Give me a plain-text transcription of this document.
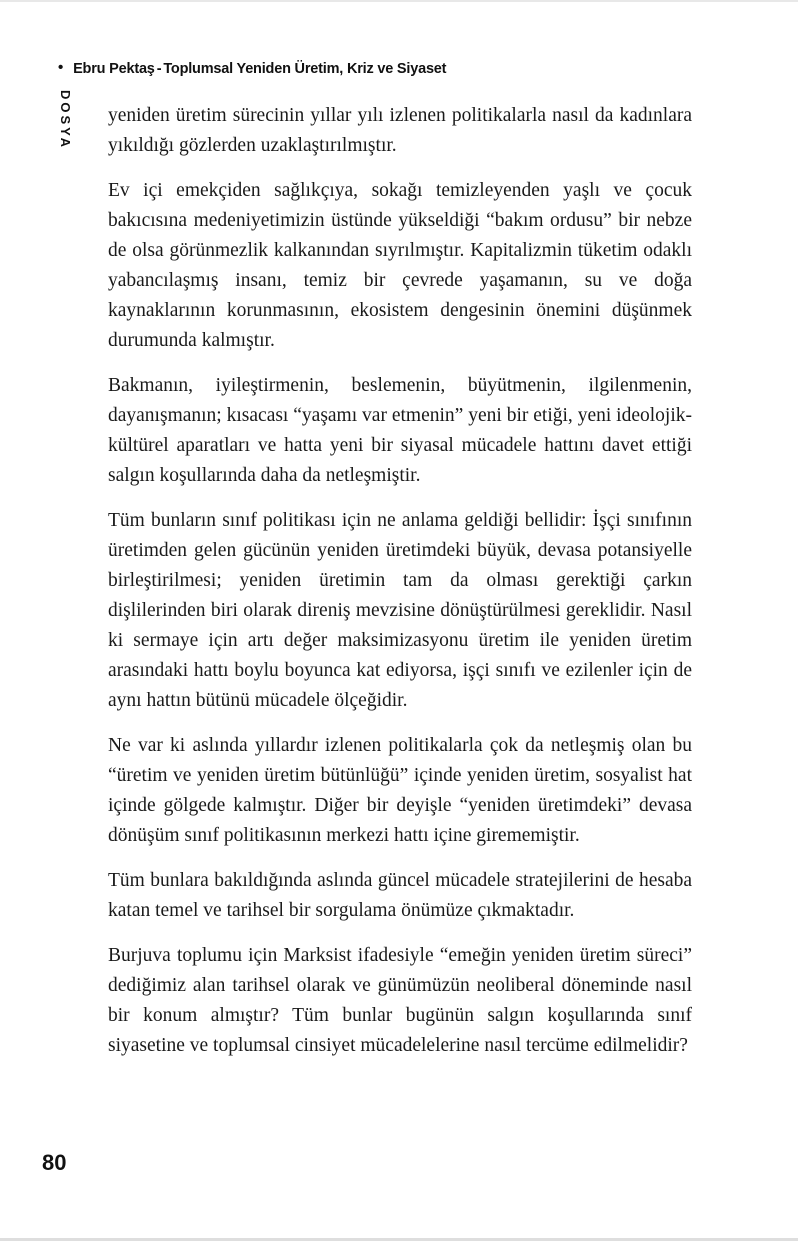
• Ebru Pektaş - Toplumsal Yeniden Üretim, Kriz ve Siyaset
DOSYA yeniden üretim sürecinin yıllar yılı izlenen politikalarla nasıl da kadınlara yıkıldığı gözlerden uzaklaştırılmıştır.

Ev içi emekçiden sağlıkçıya, sokağı temizleyenden yaşlı ve çocuk bakıcısına medeniyetimizin üstünde yükseldiği “bakım ordusu” bir nebze de olsa görünmezlik kalkanından sıyrılmıştır. Kapitalizmin tüketim odaklı yabancılaşmış insanı, temiz bir çevrede yaşamanın, su ve doğa kaynaklarının korunmasının, ekosistem dengesinin önemini düşünmek durumunda kalmıştır.

Bakmanın, iyileştirmenin, beslemenin, büyütmenin, ilgilenmenin, dayanışmanın; kısacası “yaşamı var etmenin” yeni bir etiği, yeni ideolojik-kültürel aparatları ve hatta yeni bir siyasal mücadele hattını davet ettiği salgın koşullarında daha da netleşmiştir.

Tüm bunların sınıf politikası için ne anlama geldiği bellidir: İşçi sınıfının üretimden gelen gücünün yeniden üretimdeki büyük, devasa potansiyelle birleştirilmesi; yeniden üretimin tam da olması gerektiği çarkın dişlilerinden biri olarak direniş mevzisine dönüştürülmesi gereklidir. Nasıl ki sermaye için artı değer maksimizasyonu üretim ile yeniden üretim arasındaki hattı boylu boyunca kat ediyorsa, işçi sınıfı ve ezilenler için de aynı hattın bütünü mücadele ölçeğidir.

Ne var ki aslında yıllardır izlenen politikalarla çok da netleşmiş olan bu “üretim ve yeniden üretim bütünlüğü” içinde yeniden üretim, sosyalist hat içinde gölgede kalmıştır. Diğer bir deyişle “yeniden üretimdeki” devasa dönüşüm sınıf politikasının merkezi hattı içine girememiştir.

Tüm bunlara bakıldığında aslında güncel mücadele stratejilerini de hesaba katan temel ve tarihsel bir sorgulama önümüze çıkmaktadır.

Burjuva toplumu için Marksist ifadesiyle “emeğin yeniden üretim süreci” dediğimiz alan tarihsel olarak ve günümüzün neoliberal döneminde nasıl bir konum almıştır? Tüm bunlar bugünün salgın koşullarında sınıf siyasetine ve toplumsal cinsiyet mücadelelerine nasıl tercüme edilmelidir?

80
